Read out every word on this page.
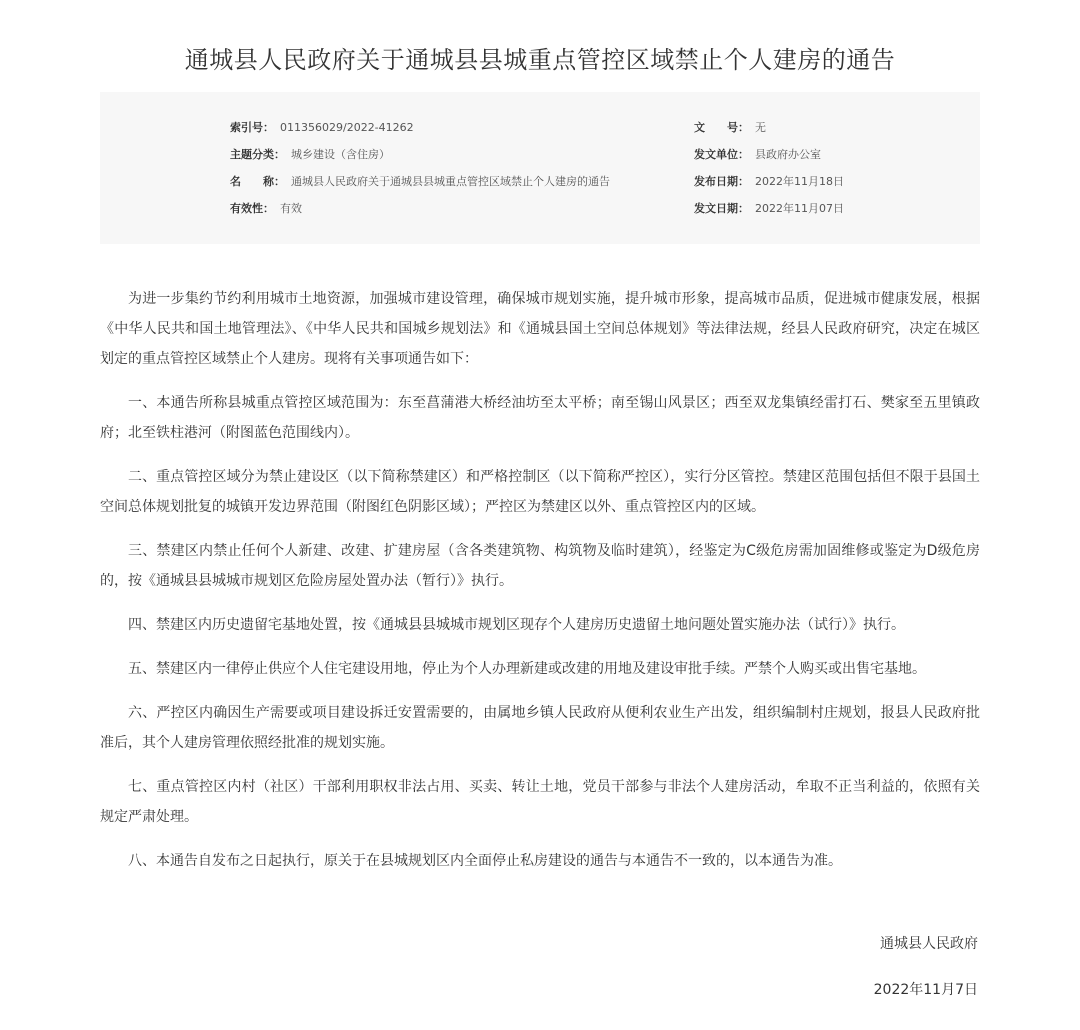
通城县人民政府关于通城县县城重点管控区域禁止个人建房的通告
索引号： 011356029/2022-41262
主题分类： 城乡建设（含住房）
名　　称： 通城县人民政府关于通城县县城重点管控区域禁止个人建房的通告
有效性： 有效
文　　号： 无
发文单位： 县政府办公室
发布日期： 2022年11月18日
发文日期： 2022年11月07日

为进一步集约节约利用城市土地资源，加强城市建设管理，确保城市规划实施，提升城市形象，提高城市品质，促进城市健康发展，根据《中华人民共和国土地管理法》、《中华人民共和国城乡规划法》和《通城县国土空间总体规划》等法律法规，经县人民政府研究，决定在城区划定的重点管控区域禁止个人建房。现将有关事项通告如下：

一、本通告所称县城重点管控区域范围为：东至菖蒲港大桥经油坊至太平桥；南至锡山风景区；西至双龙集镇经雷打石、樊家至五里镇政府；北至铁柱港河（附图蓝色范围线内）。

二、重点管控区域分为禁止建设区（以下简称禁建区）和严格控制区（以下简称严控区），实行分区管控。禁建区范围包括但不限于县国土空间总体规划批复的城镇开发边界范围（附图红色阴影区域）；严控区为禁建区以外、重点管控区内的区域。

三、禁建区内禁止任何个人新建、改建、扩建房屋（含各类建筑物、构筑物及临时建筑），经鉴定为C级危房需加固维修或鉴定为D级危房的，按《通城县县城城市规划区危险房屋处置办法（暂行）》执行。

四、禁建区内历史遗留宅基地处置，按《通城县县城城市规划区现存个人建房历史遗留土地问题处置实施办法（试行）》执行。

五、禁建区内一律停止供应个人住宅建设用地，停止为个人办理新建或改建的用地及建设审批手续。严禁个人购买或出售宅基地。

六、严控区内确因生产需要或项目建设拆迁安置需要的，由属地乡镇人民政府从便利农业生产出发，组织编制村庄规划，报县人民政府批准后，其个人建房管理依照经批准的规划实施。

七、重点管控区内村（社区）干部利用职权非法占用、买卖、转让土地，党员干部参与非法个人建房活动，牟取不正当利益的，依照有关规定严肃处理。

八、本通告自发布之日起执行，原关于在县城规划区内全面停止私房建设的通告与本通告不一致的，以本通告为准。

通城县人民政府
2022年11月7日
